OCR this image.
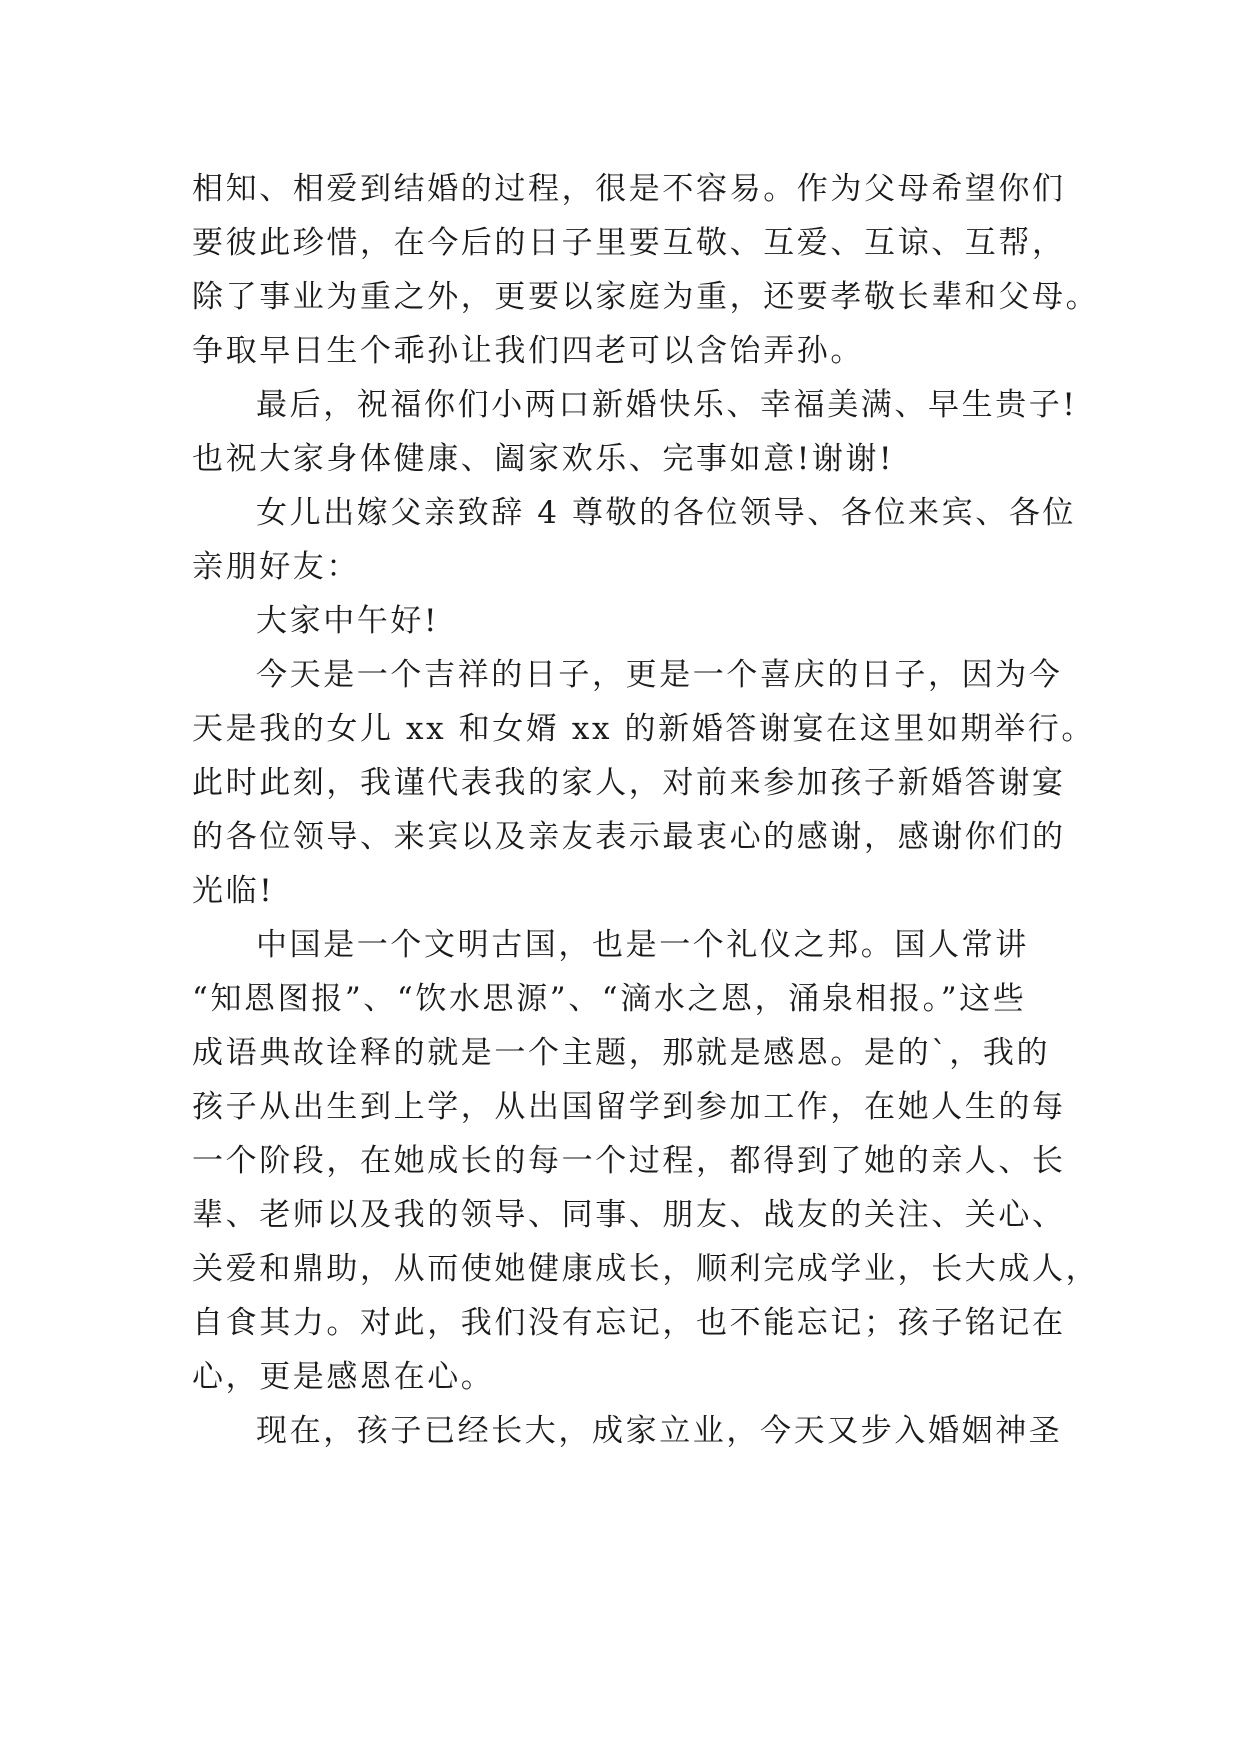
相知、相爱到结婚的过程，很是不容易。作为父母希望你们
要彼此珍惜，在今后的日子里要互敬、互爱、互谅、互帮，
除了事业为重之外，更要以家庭为重，还要孝敬长辈和父母。
争取早日生个乖孙让我们四老可以含饴弄孙。
最后，祝福你们小两口新婚快乐、幸福美满、早生贵子!
也祝大家身体健康、阖家欢乐、完事如意!谢谢!
女儿出嫁父亲致辞 4 尊敬的各位领导、各位来宾、各位
亲朋好友：
大家中午好!
今天是一个吉祥的日子，更是一个喜庆的日子，因为今
天是我的女儿 xx 和女婿 xx 的新婚答谢宴在这里如期举行。
此时此刻，我谨代表我的家人，对前来参加孩子新婚答谢宴
的各位领导、来宾以及亲友表示最衷心的感谢，感谢你们的
光临!
中国是一个文明古国，也是一个礼仪之邦。国人常讲
“知恩图报”、“饮水思源”、“滴水之恩，涌泉相报。”这些
成语典故诠释的就是一个主题，那就是感恩。是的`，我的
孩子从出生到上学，从出国留学到参加工作，在她人生的每
一个阶段，在她成长的每一个过程，都得到了她的亲人、长
辈、老师以及我的领导、同事、朋友、战友的关注、关心、
关爱和鼎助，从而使她健康成长，顺利完成学业，长大成人，
自食其力。对此，我们没有忘记，也不能忘记；孩子铭记在
心，更是感恩在心。
现在，孩子已经长大，成家立业，今天又步入婚姻神圣
